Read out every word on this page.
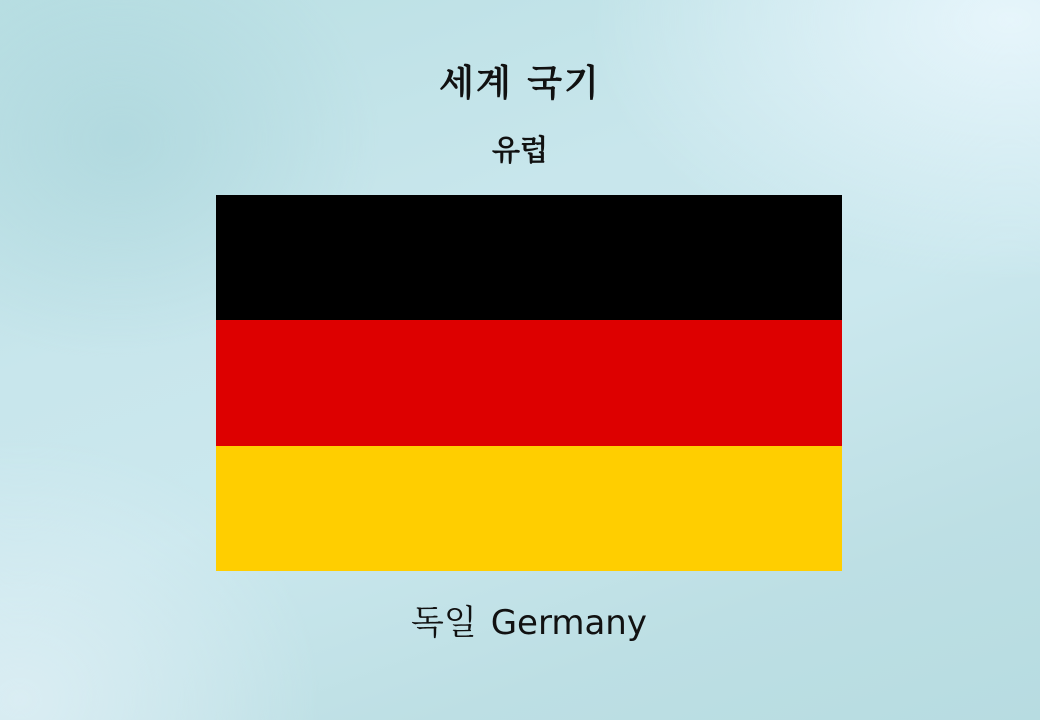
세계 국기
유럽
독일 Germany
